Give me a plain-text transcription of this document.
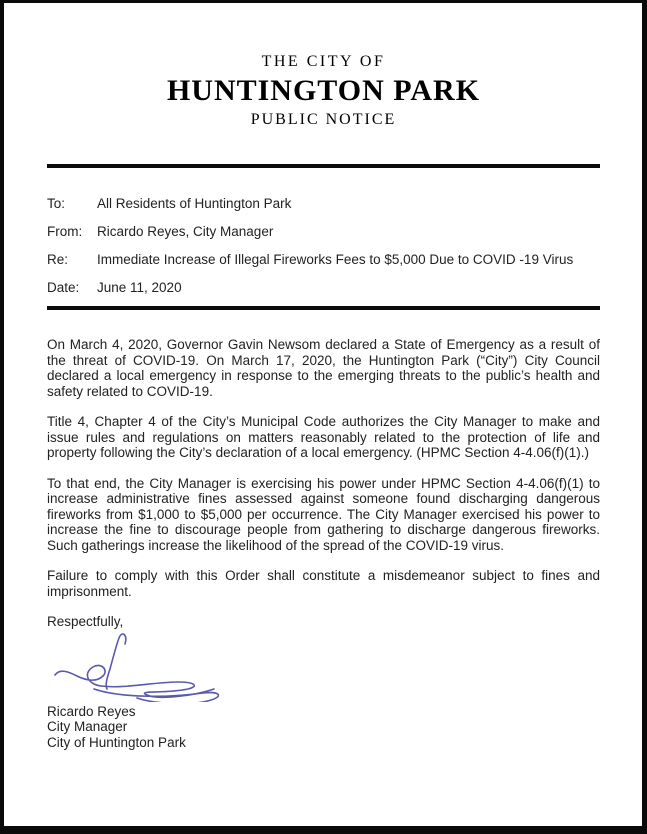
THE CITY OF
HUNTINGTON PARK
PUBLIC NOTICE
To:	All Residents of Huntington Park
From:	Ricardo Reyes, City Manager
Re:	Immediate Increase of Illegal Fireworks Fees to $5,000 Due to COVID -19 Virus
Date:	June 11, 2020

On March 4, 2020, Governor Gavin Newsom declared a State of Emergency as a result of the threat of COVID-19. On March 17, 2020, the Huntington Park (“City”) City Council declared a local emergency in response to the emerging threats to the public’s health and safety related to COVID-19.

Title 4, Chapter 4 of the City’s Municipal Code authorizes the City Manager to make and issue rules and regulations on matters reasonably related to the protection of life and property following the City’s declaration of a local emergency. (HPMC Section 4-4.06(f)(1).)

To that end, the City Manager is exercising his power under HPMC Section 4-4.06(f)(1) to increase administrative fines assessed against someone found discharging dangerous fireworks from $1,000 to $5,000 per occurrence. The City Manager exercised his power to increase the fine to discourage people from gathering to discharge dangerous fireworks. Such gatherings increase the likelihood of the spread of the COVID-19 virus.

Failure to comply with this Order shall constitute a misdemeanor subject to fines and imprisonment.

Respectfully,
Ricardo Reyes
City Manager
City of Huntington Park
